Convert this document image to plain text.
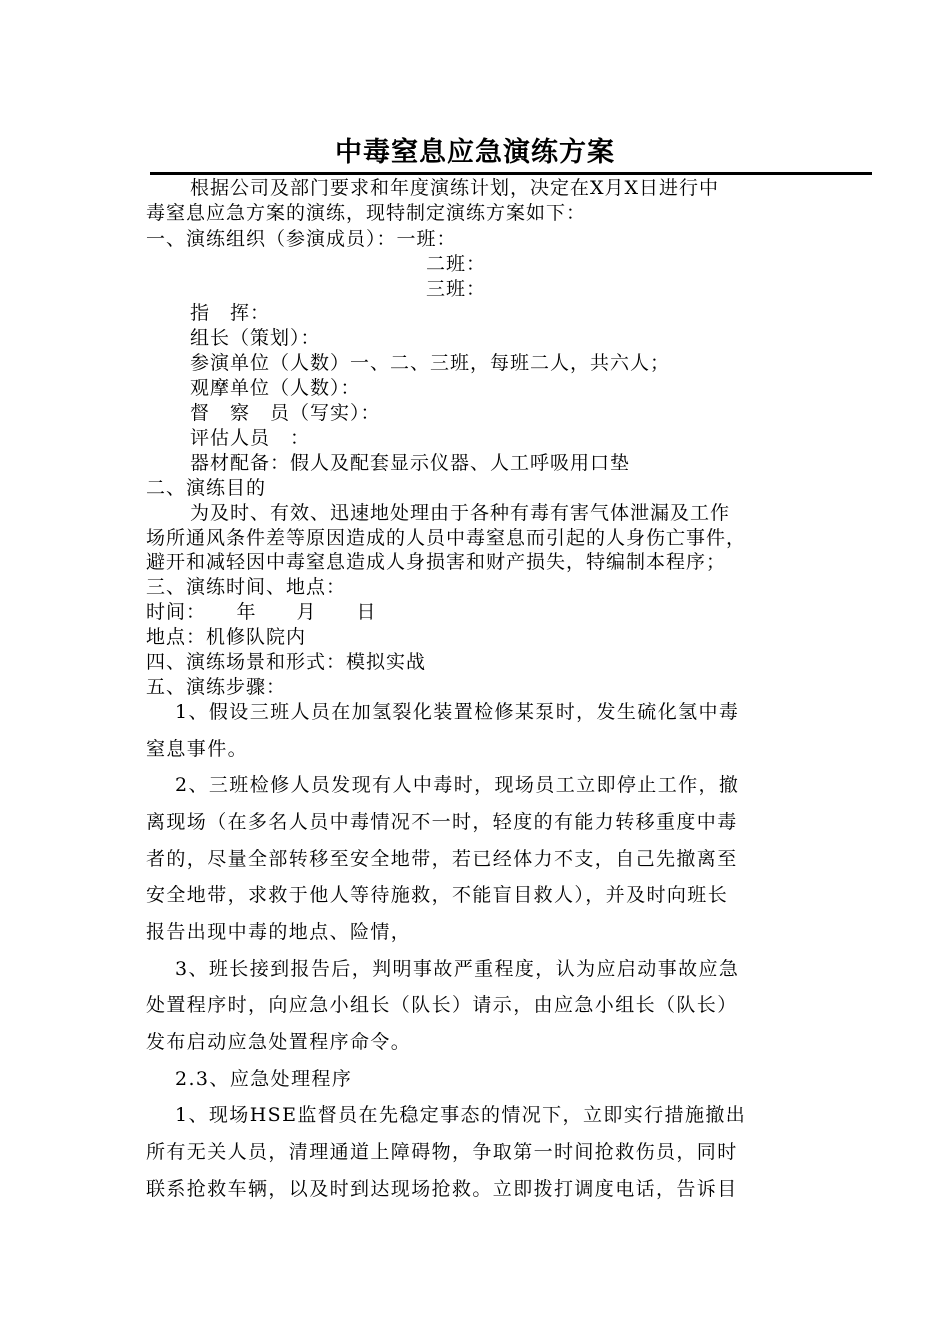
中毒窒息应急演练方案
根据公司及部门要求和年度演练计划，决定在X月X日进行中
毒窒息应急方案的演练，现特制定演练方案如下：
一、演练组织（参演成员）：一班：
二班：
三班：
指　挥：
组长（策划）：
参演单位（人数）一、二、三班，每班二人，共六人；
观摩单位（人数）：
督　察　员（写实）：
评估人员　：
器材配备：假人及配套显示仪器、人工呼吸用口垫
二、演练目的
为及时、有效、迅速地处理由于各种有毒有害气体泄漏及工作
场所通风条件差等原因造成的人员中毒窒息而引起的人身伤亡事件，
避开和减轻因中毒窒息造成人身损害和财产损失，特编制本程序；
三、演练时间、地点：
时间：　　年　　月　　日
地点：机修队院内
四、演练场景和形式：模拟实战
五、演练步骤：
1、假设三班人员在加氢裂化装置检修某泵时，发生硫化氢中毒
窒息事件。
2、三班检修人员发现有人中毒时，现场员工立即停止工作，撤
离现场（在多名人员中毒情况不一时，轻度的有能力转移重度中毒
者的，尽量全部转移至安全地带，若已经体力不支，自己先撤离至
安全地带，求救于他人等待施救，不能盲目救人），并及时向班长
报告出现中毒的地点、险情，
3、班长接到报告后，判明事故严重程度，认为应启动事故应急
处置程序时，向应急小组长（队长）请示，由应急小组长（队长）
发布启动应急处置程序命令。
2.3、应急处理程序
1、现场HSE监督员在先稳定事态的情况下，立即实行措施撤出
所有无关人员，清理通道上障碍物，争取第一时间抢救伤员，同时
联系抢救车辆，以及时到达现场抢救。立即拨打调度电话，告诉目
